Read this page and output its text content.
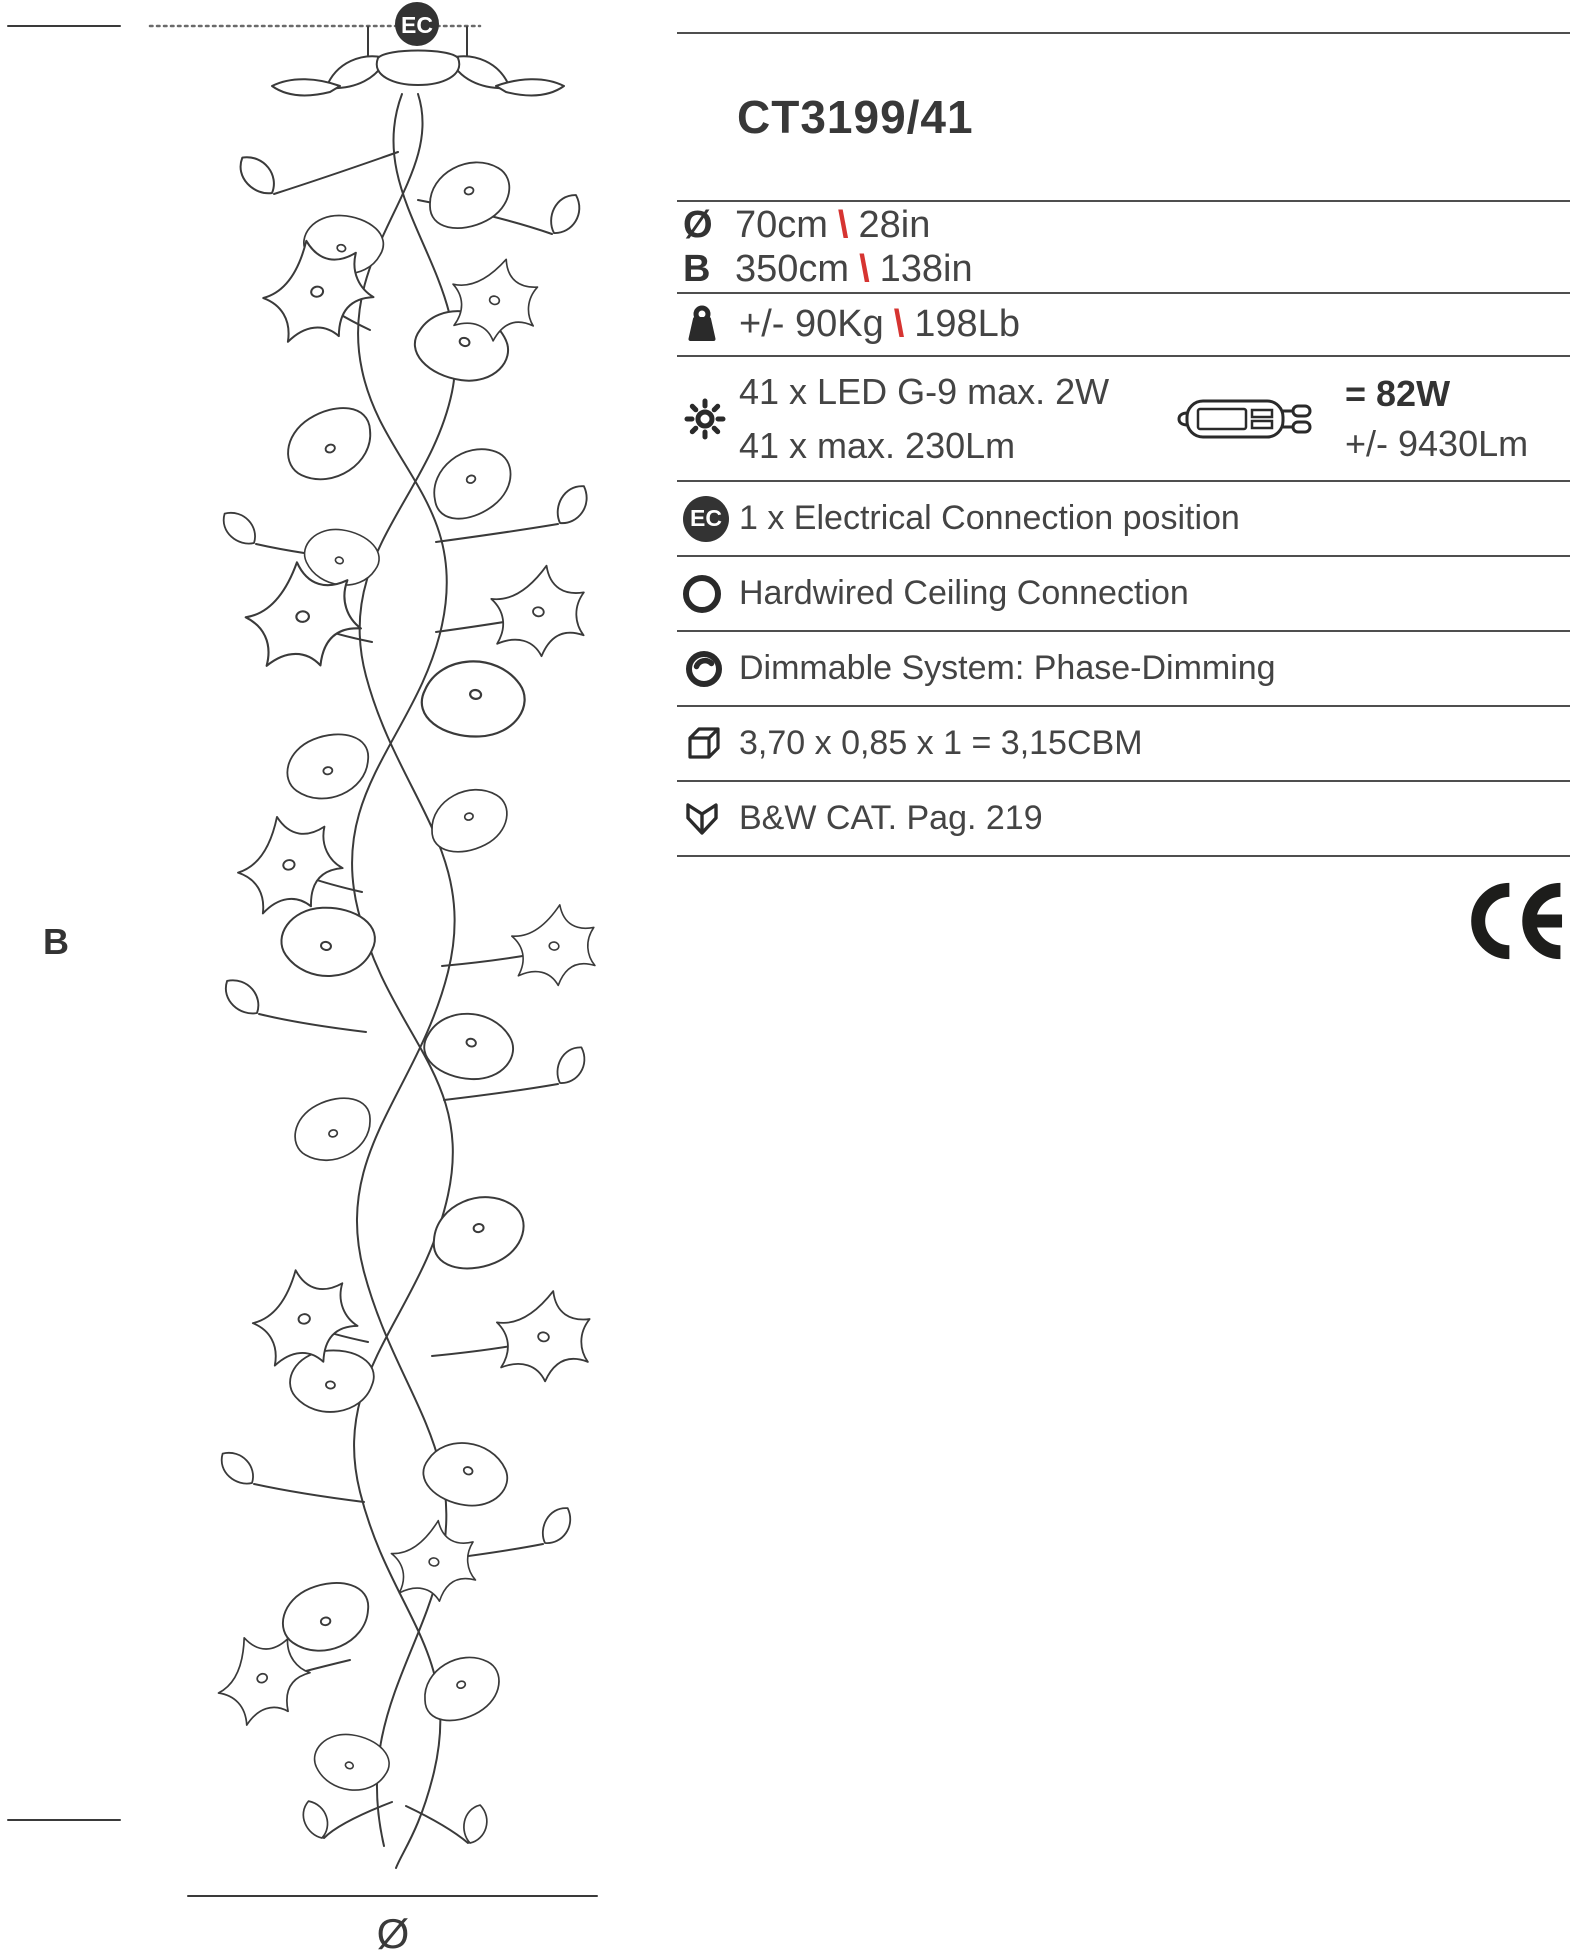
EC
B
Ø
CT3199/41
Ø 70cm \ 28in
B 350cm \ 138in
+/- 90Kg \ 198Lb
41 x LED G-9 max. 2W
41 x max. 230Lm
= 82W
+/- 9430Lm
EC 1 x Electrical Connection position
Hardwired Ceiling Connection
Dimmable System: Phase-Dimming
3,70 x 0,85 x 1 = 3,15CBM
B&W CAT. Pag. 219
